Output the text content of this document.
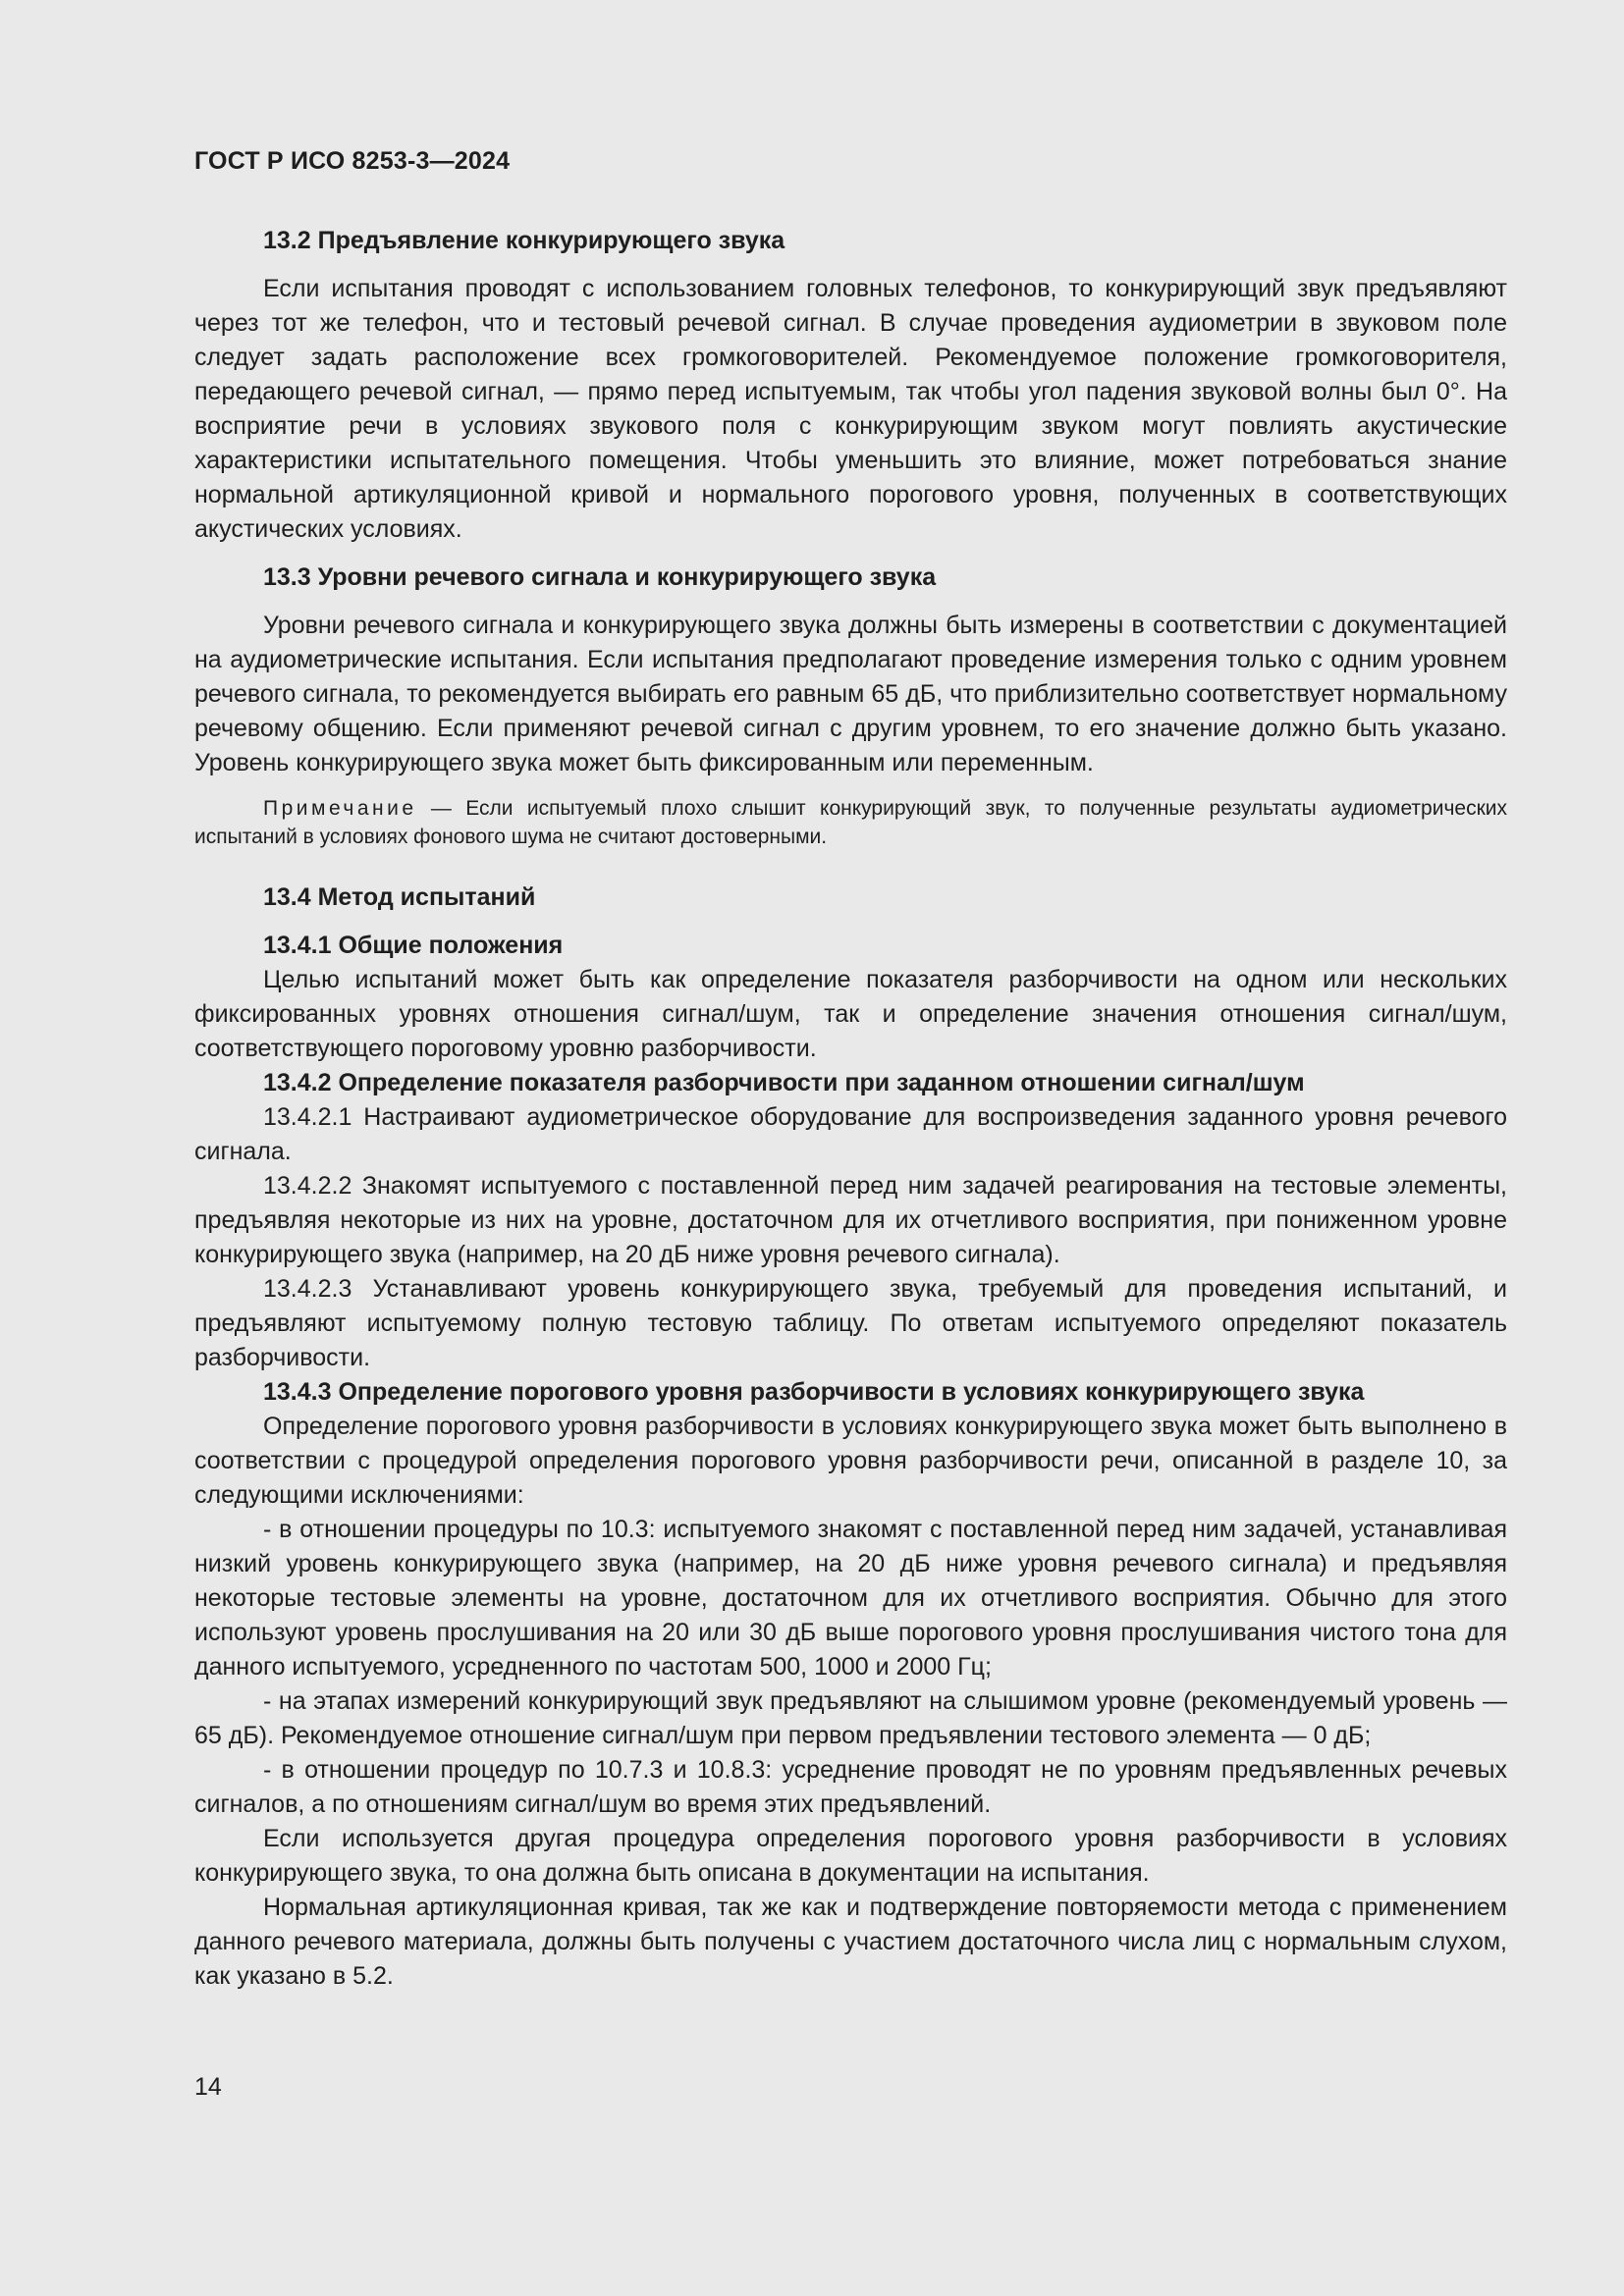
ГОСТ Р ИСО 8253-3—2024
13.2 Предъявление конкурирующего звука

Если испытания проводят с использованием головных телефонов, то конкурирующий звук предъявляют через тот же телефон, что и тестовый речевой сигнал. В случае проведения аудиометрии в звуковом поле следует задать расположение всех громкоговорителей. Рекомендуемое положение громкоговорителя, передающего речевой сигнал, — прямо перед испытуемым, так чтобы угол падения звуковой волны был 0°. На восприятие речи в условиях звукового поля с конкурирующим звуком могут повлиять акустические характеристики испытательного помещения. Чтобы уменьшить это влияние, может потребоваться знание нормальной артикуляционной кривой и нормального порогового уровня, полученных в соответствующих акустических условиях.

13.3 Уровни речевого сигнала и конкурирующего звука

Уровни речевого сигнала и конкурирующего звука должны быть измерены в соответствии с документацией на аудиометрические испытания. Если испытания предполагают проведение измерения только с одним уровнем речевого сигнала, то рекомендуется выбирать его равным 65 дБ, что приблизительно соответствует нормальному речевому общению. Если применяют речевой сигнал с другим уровнем, то его значение должно быть указано. Уровень конкурирующего звука может быть фиксированным или переменным.

Примечание — Если испытуемый плохо слышит конкурирующий звук, то полученные результаты аудиометрических испытаний в условиях фонового шума не считают достоверными.

13.4 Метод испытаний
13.4.1 Общие положения

Целью испытаний может быть как определение показателя разборчивости на одном или нескольких фиксированных уровнях отношения сигнал/шум, так и определение значения отношения сигнал/шум, соответствующего пороговому уровню разборчивости.

13.4.2 Определение показателя разборчивости при заданном отношении сигнал/шум

13.4.2.1 Настраивают аудиометрическое оборудование для воспроизведения заданного уровня речевого сигнала.

13.4.2.2 Знакомят испытуемого с поставленной перед ним задачей реагирования на тестовые элементы, предъявляя некоторые из них на уровне, достаточном для их отчетливого восприятия, при пониженном уровне конкурирующего звука (например, на 20 дБ ниже уровня речевого сигнала).

13.4.2.3 Устанавливают уровень конкурирующего звука, требуемый для проведения испытаний, и предъявляют испытуемому полную тестовую таблицу. По ответам испытуемого определяют показатель разборчивости.

13.4.3 Определение порогового уровня разборчивости в условиях конкурирующего звука

Определение порогового уровня разборчивости в условиях конкурирующего звука может быть выполнено в соответствии с процедурой определения порогового уровня разборчивости речи, описанной в разделе 10, за следующими исключениями:

- в отношении процедуры по 10.3: испытуемого знакомят с поставленной перед ним задачей, устанавливая низкий уровень конкурирующего звука (например, на 20 дБ ниже уровня речевого сигнала) и предъявляя некоторые тестовые элементы на уровне, достаточном для их отчетливого восприятия. Обычно для этого используют уровень прослушивания на 20 или 30 дБ выше порогового уровня прослушивания чистого тона для данного испытуемого, усредненного по частотам 500, 1000 и 2000 Гц;

- на этапах измерений конкурирующий звук предъявляют на слышимом уровне (рекомендуемый уровень — 65 дБ). Рекомендуемое отношение сигнал/шум при первом предъявлении тестового элемента — 0 дБ;

- в отношении процедур по 10.7.3 и 10.8.3: усреднение проводят не по уровням предъявленных речевых сигналов, а по отношениям сигнал/шум во время этих предъявлений.

Если используется другая процедура определения порогового уровня разборчивости в условиях конкурирующего звука, то она должна быть описана в документации на испытания.

Нормальная артикуляционная кривая, так же как и подтверждение повторяемости метода с применением данного речевого материала, должны быть получены с участием достаточного числа лиц с нормальным слухом, как указано в 5.2.

14
